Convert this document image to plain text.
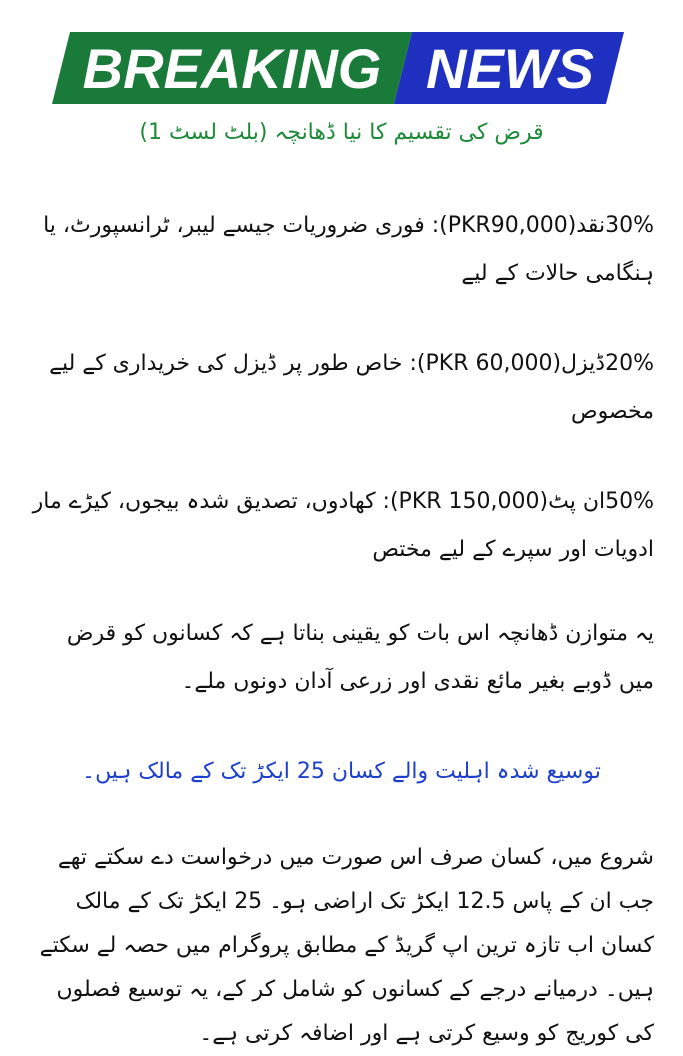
BREAKING NEWS
قرض کی تقسیم کا نیا ڈھانچہ (بلٹ لسٹ 1)
30%نقد(PKR90,000): فوری ضروریات جیسے لیبر، ٹرانسپورٹ، یا ہنگامی حالات کے لیے
20%ڈیزل(PKR 60,000): خاص طور پر ڈیزل کی خریداری کے لیے مخصوص
50%ان پٹ(PKR 150,000): کھادوں، تصدیق شدہ بیجوں، کیڑے مار ادویات اور سپرے کے لیے مختص
یہ متوازن ڈھانچہ اس بات کو یقینی بناتا ہے کہ کسانوں کو قرض میں ڈوبے بغیر مائع نقدی اور زرعی آدان دونوں ملے۔
توسیع شدہ اہلیت والے کسان 25 ایکڑ تک کے مالک ہیں۔
شروع میں، کسان صرف اس صورت میں درخواست دے سکتے تھے جب ان کے پاس 12.5 ایکڑ تک اراضی ہو۔ 25 ایکڑ تک کے مالک کسان اب تازہ ترین اپ گریڈ کے مطابق پروگرام میں حصہ لے سکتے ہیں۔ درمیانے درجے کے کسانوں کو شامل کر کے، یہ توسیع فصلوں کی کوریج کو وسیع کرتی ہے اور اضافہ کرتی ہے۔
